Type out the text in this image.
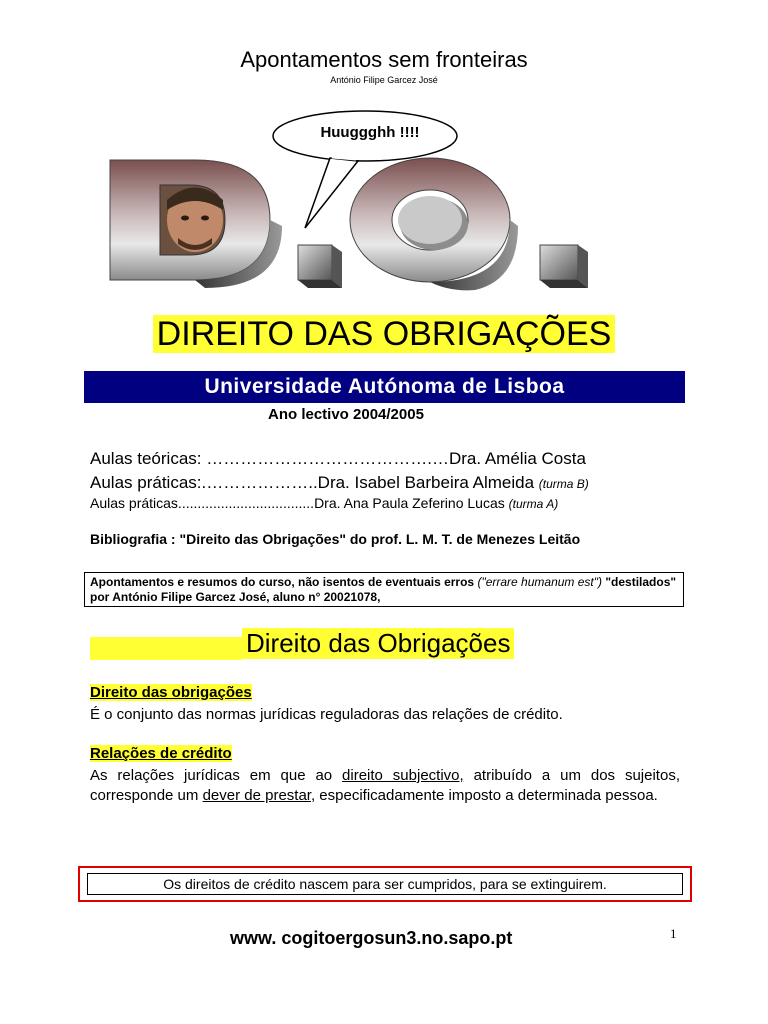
Apontamentos sem fronteiras
António Filipe Garcez José
Huuggghh !!!!
DIREITO DAS OBRIGAÇÕES
Universidade Autónoma de Lisboa
Ano lectivo 2004/2005
Aulas teóricas: ………………………………….…Dra. Amélia Costa
Aulas práticas:.………………..Dra. Isabel Barbeira Almeida (turma B)
Aulas práticas...................................Dra. Ana Paula Zeferino Lucas (turma A)
Bibliografia : "Direito das Obrigações" do prof. L. M. T. de Menezes Leitão
Apontamentos e resumos do curso, não isentos de eventuais erros ("errare humanum est") "destilados" por António Filipe Garcez José, aluno n° 20021078,
Direito das Obrigações
Direito das obrigações
É o conjunto das normas jurídicas reguladoras das relações de crédito.
Relações de crédito
As relações jurídicas em que ao direito subjectivo, atribuído a um dos sujeitos, corresponde um dever de prestar, especificadamente imposto a determinada pessoa.
Os direitos de crédito nascem para ser cumpridos, para se extinguirem.
www. cogitoergosun3.no.sapo.pt	1
